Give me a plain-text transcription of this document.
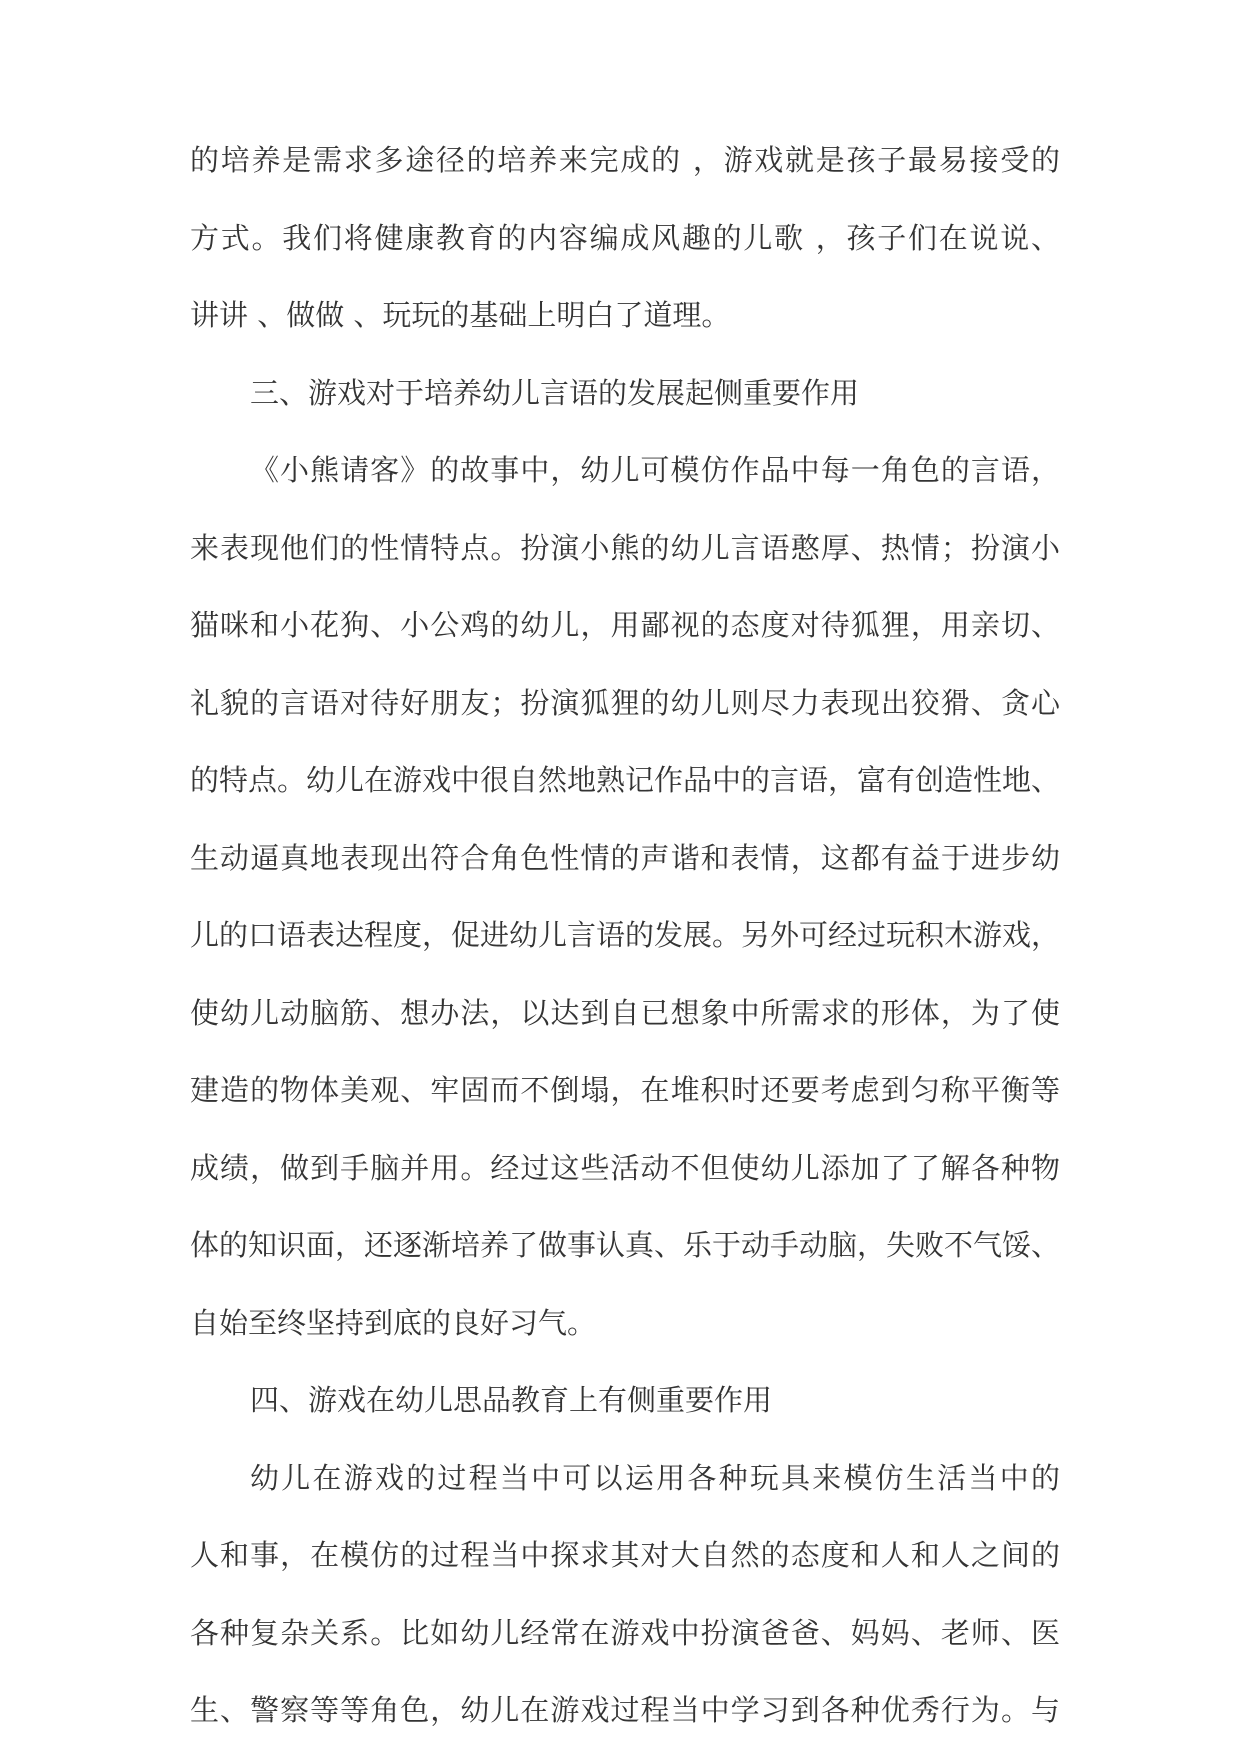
的培养是需求多途径的培养来完成的 ，游戏就是孩子最易接受的

方式。我们将健康教育的内容编成风趣的儿歌 ，孩子们在说说、

讲讲 、做做 、玩玩的基础上明白了道理。

三、游戏对于培养幼儿言语的发展起侧重要作用

《小熊请客》的故事中，幼儿可模仿作品中每一角色的言语，

来表现他们的性情特点。扮演小熊的幼儿言语憨厚、热情；扮演小

猫咪和小花狗、小公鸡的幼儿，用鄙视的态度对待狐狸，用亲切、

礼貌的言语对待好朋友；扮演狐狸的幼儿则尽力表现出狡猾、贪心

的特点。幼儿在游戏中很自然地熟记作品中的言语，富有创造性地、

生动逼真地表现出符合角色性情的声谐和表情，这都有益于进步幼

儿的口语表达程度，促进幼儿言语的发展。另外可经过玩积木游戏，

使幼儿动脑筋、想办法，以达到自已想象中所需求的形体，为了使

建造的物体美观、牢固而不倒塌，在堆积时还要考虑到匀称平衡等

成绩，做到手脑并用。经过这些活动不但使幼儿添加了了解各种物

体的知识面，还逐渐培养了做事认真、乐于动手动脑，失败不气馁、

自始至终坚持到底的良好习气。

四、游戏在幼儿思品教育上有侧重要作用

幼儿在游戏的过程当中可以运用各种玩具来模仿生活当中的

人和事，在模仿的过程当中探求其对大自然的态度和人和人之间的

各种复杂关系。比如幼儿经常在游戏中扮演爸爸、妈妈、老师、医

生、警察等等角色，幼儿在游戏过程当中学习到各种优秀行为。与
